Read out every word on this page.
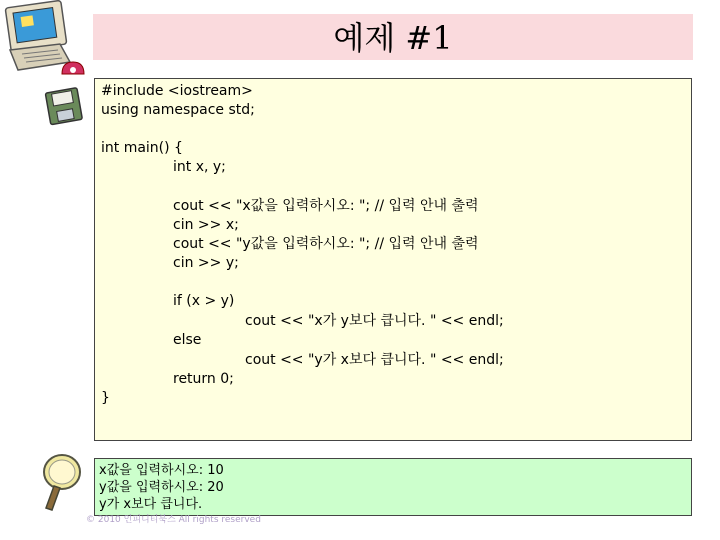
예제 #1
#include <iostream>
using namespace std;
int main() {
int x, y;
cout << "x값을 입력하시오: "; // 입력 안내 출력
cin >> x;
cout << "y값을 입력하시오: "; // 입력 안내 출력
cin >> y;
if (x > y)
cout << "x가 y보다 큽니다. " << endl;
else
cout << "y가 x보다 큽니다. " << endl;
return 0;
}
x값을 입력하시오: 10
y값을 입력하시오: 20
y가 x보다 큽니다.
© 2010 인피니티북스 All rights reserved
